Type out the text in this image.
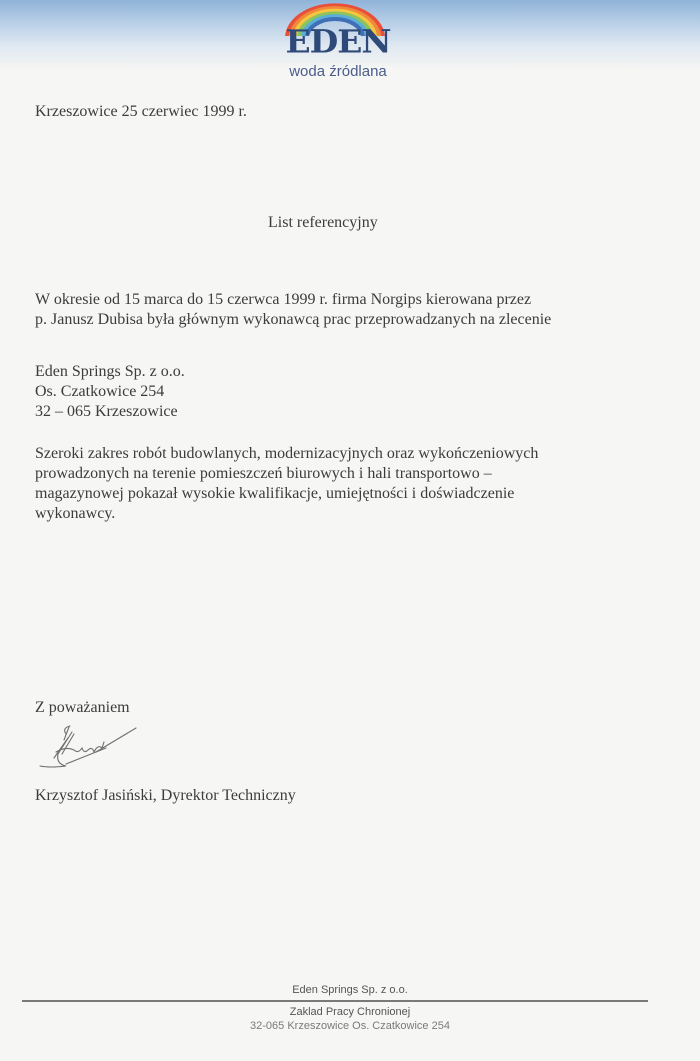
EDEN
woda źródlana
Krzeszowice 25 czerwiec 1999 r.
List referencyjny
W okresie od 15 marca do 15 czerwca 1999 r. firma Norgips kierowana przez
p. Janusz Dubisa była głównym wykonawcą prac przeprowadzanych na zlecenie
Eden Springs Sp. z o.o.
Os. Czatkowice 254
32 – 065 Krzeszowice
Szeroki zakres robót budowlanych, modernizacyjnych oraz wykończeniowych
prowadzonych na terenie pomieszczeń biurowych i hali transportowo –
magazynowej pokazał wysokie kwalifikacje, umiejętności i doświadczenie
wykonawcy.
Z poważaniem
Krzysztof Jasiński, Dyrektor Techniczny
Eden Springs Sp. z o.o.
Zaklad Pracy Chronionej
32-065 Krzeszowice Os. Czatkowice 254
